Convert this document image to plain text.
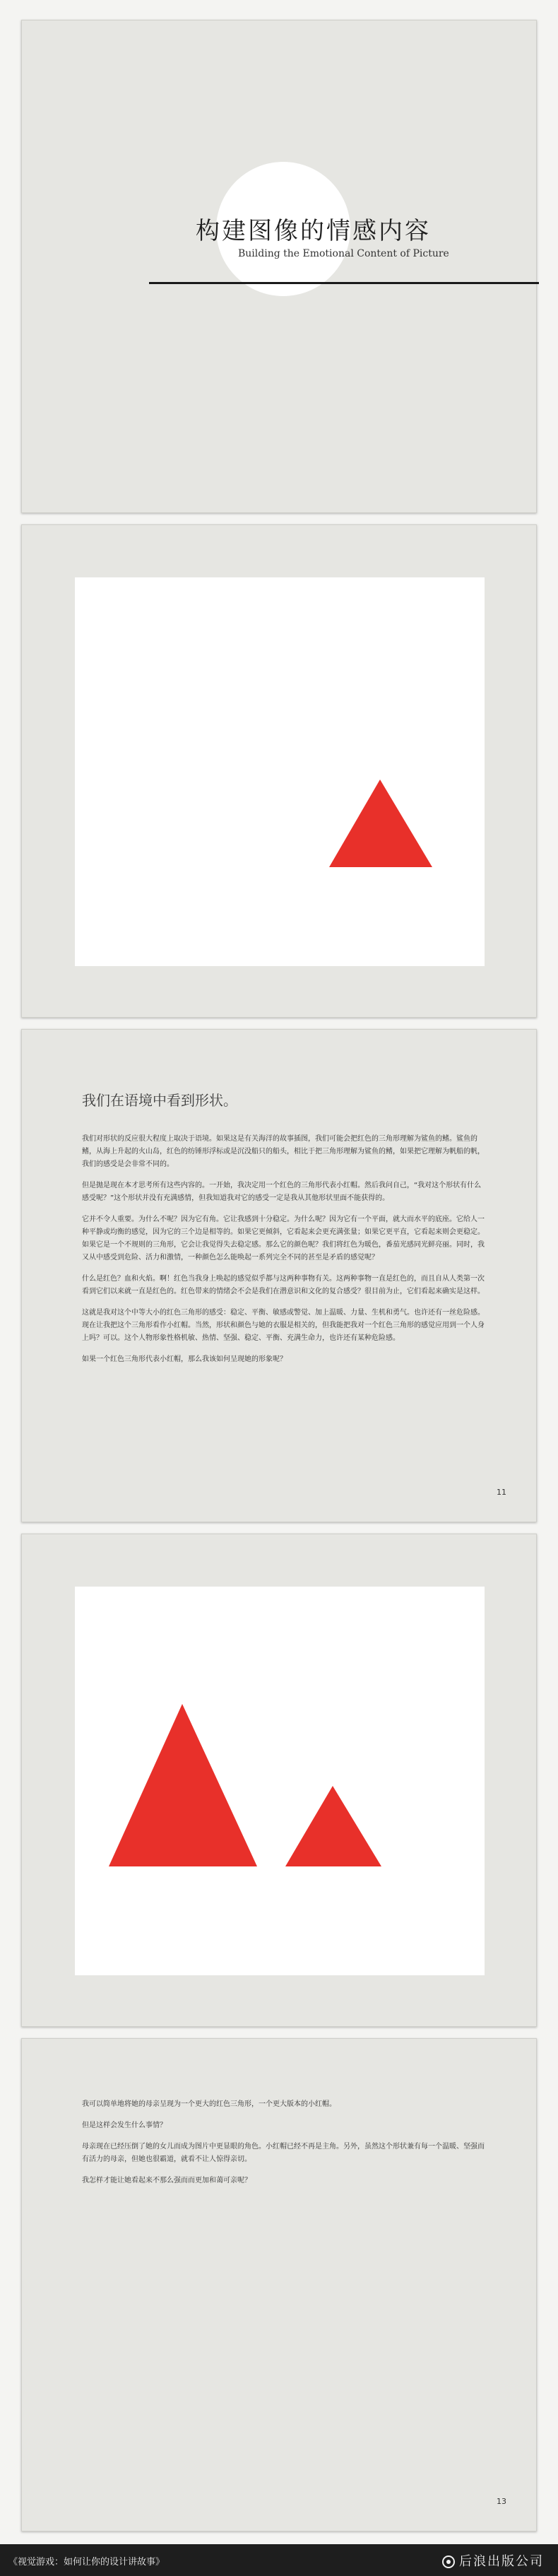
构建图像的情感内容
Building the Emotional Content of Picture
我们在语境中看到形状。

我们对形状的反应很大程度上取决于语境。如果这是有关海洋的故事插图，我们可能会把红色的三角形理解为鲨鱼的鳍。鲨鱼的鳍，从海上升起的火山岛，红色的纺锤形浮标或是沉没船只的船头，相比于把三角形理解为鲨鱼的鳍，如果把它理解为帆船的帆，我们的感受是会非常不同的。

但是抛是现在本才思考所有这些内容的。一开始，我决定用一个红色的三角形代表小红帽。然后我问自己，“我对这个形状有什么感受呢？”这个形状并没有充满感情，但我知道我对它的感受一定是我从其他形状里面不能获得的。

它并不令人重要。为什么不呢？因为它有角。它让我感到十分稳定。为什么呢？因为它有一个平面，就大而水平的底座。它给人一种平静或均衡的感觉，因为它的三个边是相等的。如果它更倾斜，它看起来会更充满张量；如果它更平直，它看起来则会更稳定。如果它是一个不规则的三角形，它会让我觉得失去稳定感。那么它的颜色呢？我们将红色为暖色，番茄光感同光鲜亮丽。同时，我又从中感受到危险、活力和激情，一种颜色怎么能唤起一系列完全不同的甚至是矛盾的感觉呢？

什么是红色？血和火焰。啊！红色当我身上唤起的感觉似乎都与这两种事物有关。这两种事物一直是红色的，而且自从人类第一次看到它们以来就一直是红色的。红色带来的情绪会不会是我们在潜意识和文化的复合感受？很目前为止，它们看起来确实是这样。

这就是我对这个中等大小的红色三角形的感受：稳定、平衡、敏感或警觉、加上温暖、力量、生机和勇气。也许还有一丝危险感。现在让我把这个三角形看作小红帽。当然，形状和颜色与她的衣服是相关的，但我能把我对一个红色三角形的感觉应用到一个人身上吗？可以。这个人物形象性格机敏、热情、坚强、稳定、平衡、充满生命力，也许还有某种危险感。

如果一个红色三角形代表小红帽，那么我该如何呈现她的形象呢？

11

我可以简单地将她的母亲呈现为一个更大的红色三角形，一个更大版本的小红帽。

但是这样会发生什么事情？

母亲现在已经压倒了她的女儿而成为图片中更显眼的角色。小红帽已经不再是主角。另外，虽然这个形状兼有每一个温暖、坚强而有活力的母亲，但她也很霸道，就看不让人惊得亲切。

我怎样才能让她看起来不那么强而而更加和蔼可亲呢？

13
《视觉游戏：如何让你的设计讲故事》	后浪出版公司
